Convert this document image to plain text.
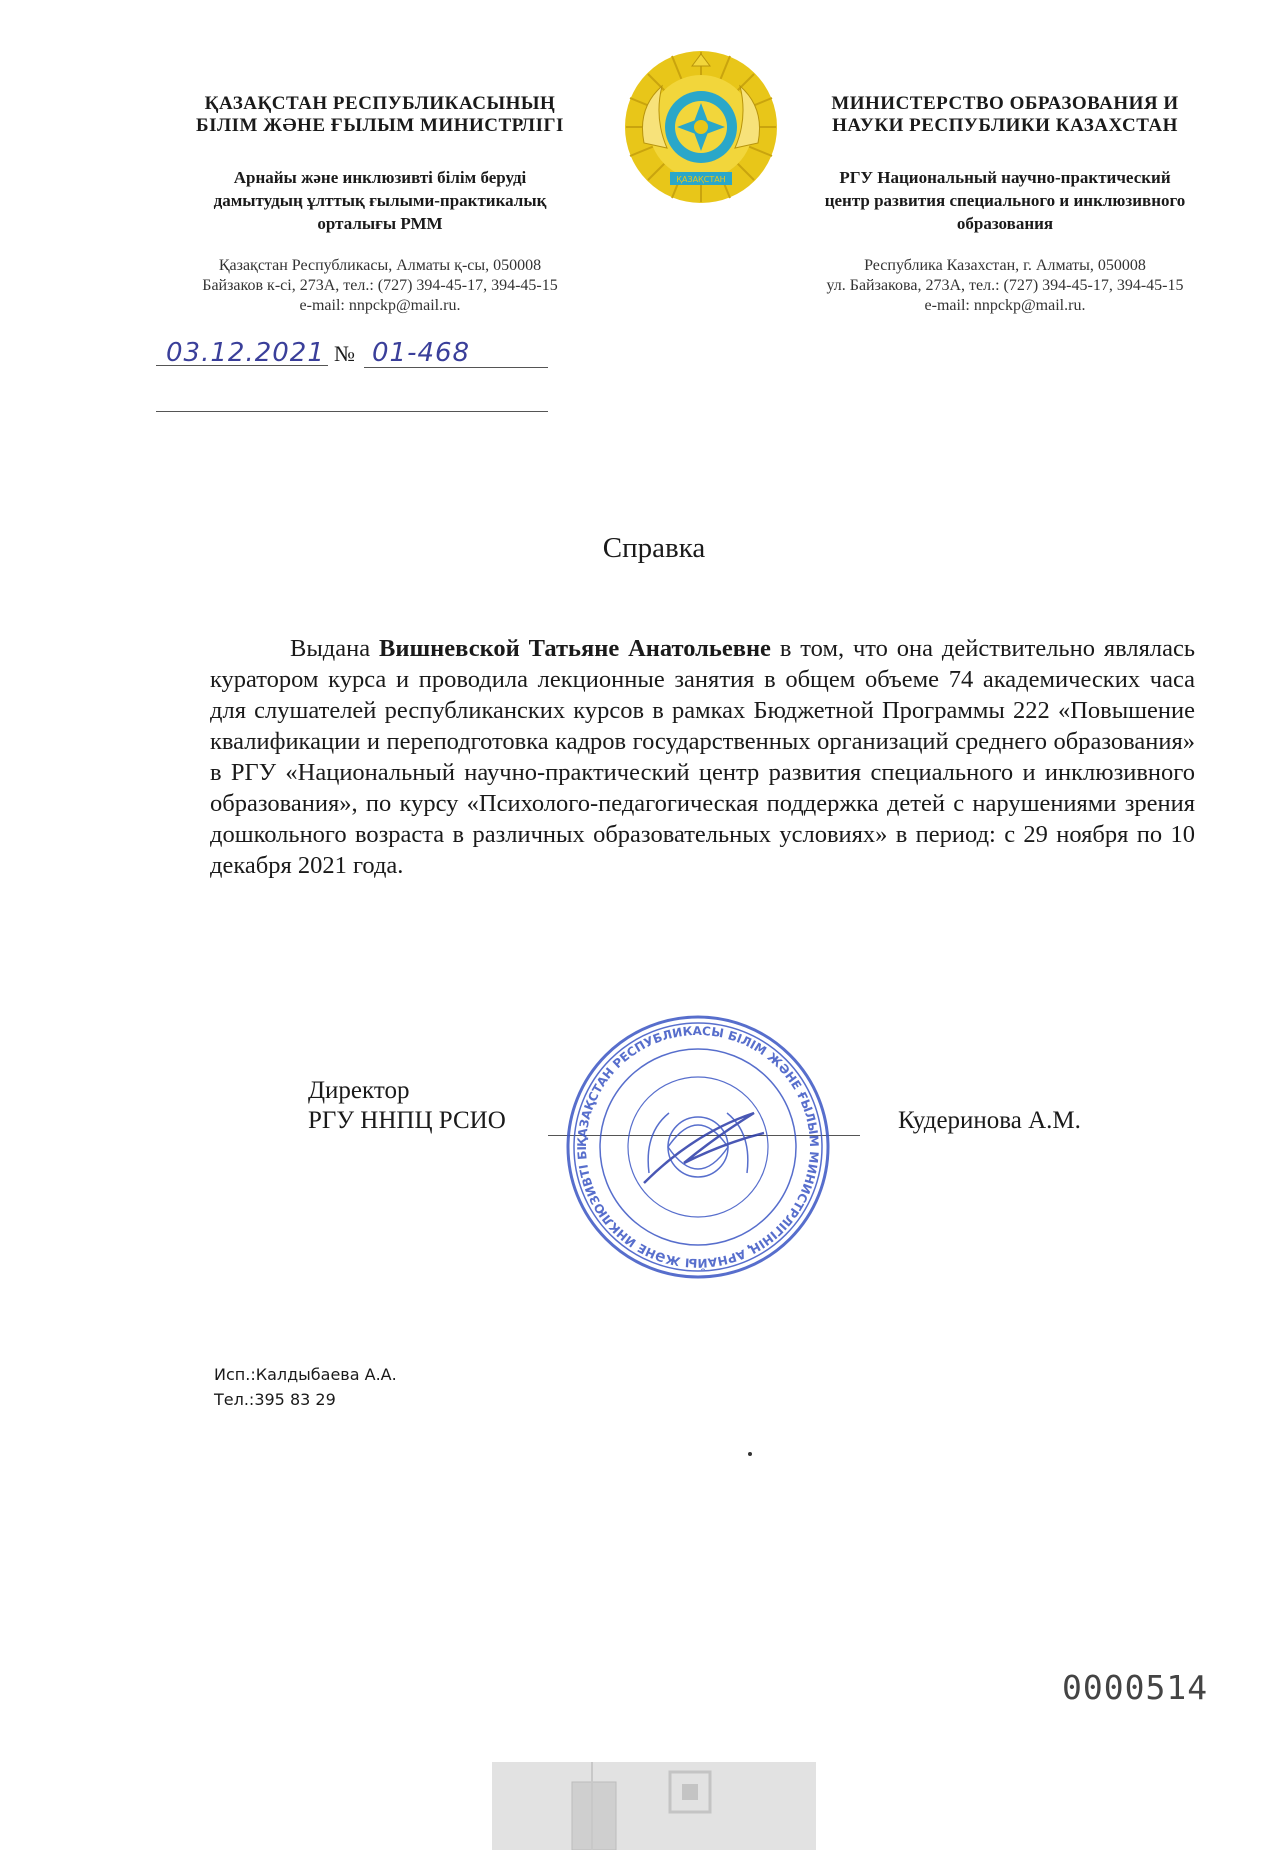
ҚАЗАҚСТАН РЕСПУБЛИКАСЫНЫҢ
БІЛІМ ЖӘНЕ ҒЫЛЫМ МИНИСТРЛІГІ
Арнайы және инклюзивті білім беруді
дамытудың ұлттық ғылыми-практикалық
орталығы РММ
Қазақстан Республикасы, Алматы қ-сы, 050008
Байзаков к-сі, 273А, тел.: (727) 394-45-17, 394-45-15
e-mail: nnpckp@mail.ru.
ҚАЗАҚСТАН
МИНИСТЕРСТВО ОБРАЗОВАНИЯ И
НАУКИ РЕСПУБЛИКИ КАЗАХСТАН
РГУ Национальный научно-практический
центр развития специального и инклюзивного
образования
Республика Казахстан, г. Алматы, 050008
ул. Байзакова, 273А, тел.: (727) 394-45-17, 394-45-15
e-mail: nnpckp@mail.ru.
03.12.2021 № 01-468
Справка
Выдана Вишневской Татьяне Анатольевне в том, что она действительно являлась куратором курса и проводила лекционные занятия в общем объеме 74 академических часа для слушателей республиканских курсов в рамках Бюджетной Программы 222 «Повышение квалификации и переподготовка кадров государственных организаций среднего образования» в РГУ «Национальный научно-практический центр развития специального и инклюзивного образования», по курсу «Психолого-педагогическая поддержка детей с нарушениями зрения дошкольного возраста в различных образовательных условиях» в период: с 29 ноября по 10 декабря 2021 года.
Директор
РГУ ННПЦ РСИО	Кудеринова А.М.
ҚАЗАҚСТАН РЕСПУБЛИКАСЫ БІЛІМ ЖӘНЕ ҒЫЛЫМ МИНИСТРЛІГІНІҢ АРНАЙЫ ЖӘНЕ ИНКЛЮЗИВТІ БІ
Исп.:Калдыбаева А.А.
Тел.:395 83 29
0000514
